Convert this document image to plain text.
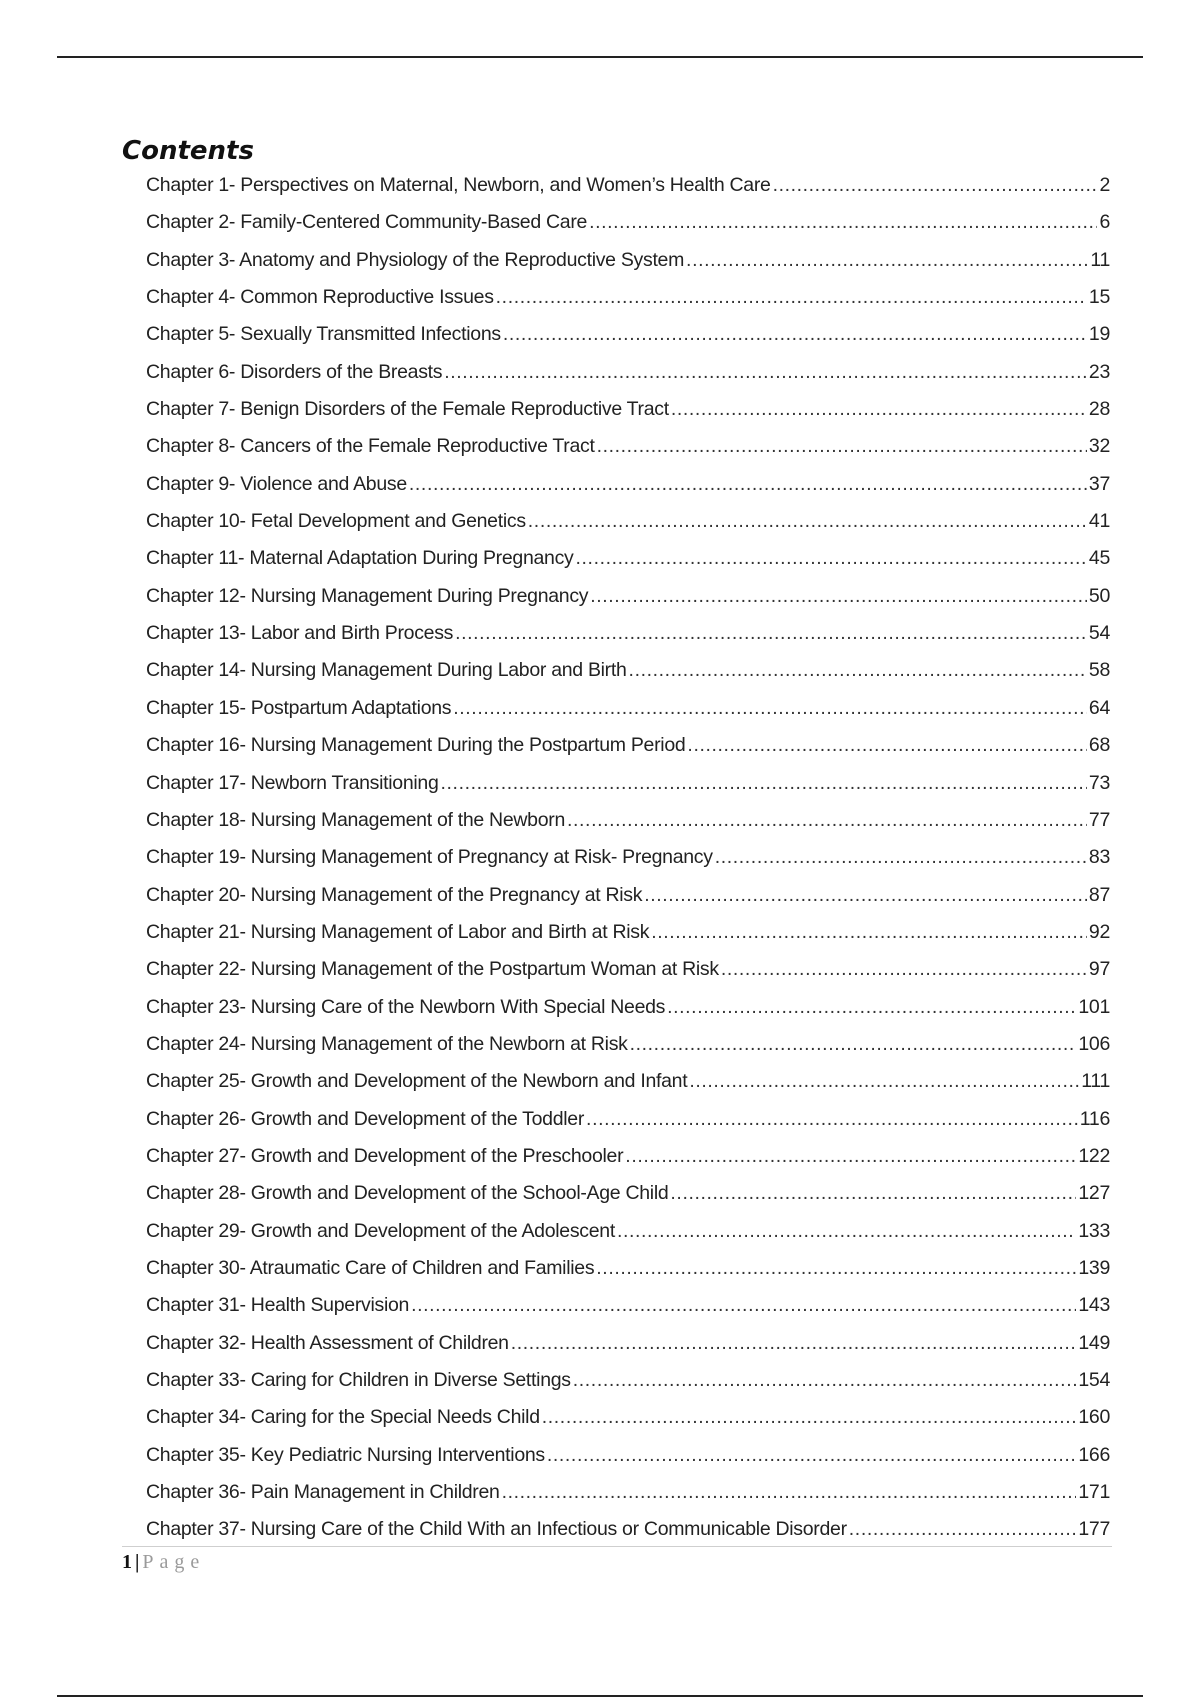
Contents
Chapter 1- Perspectives on Maternal, Newborn, and Women’s Health Care .....	2
Chapter 2- Family-Centered Community-Based Care .....	6
Chapter 3- Anatomy and Physiology of the Reproductive System .....	11
Chapter 4- Common Reproductive Issues .....	15
Chapter 5- Sexually Transmitted Infections .....	19
Chapter 6- Disorders of the Breasts .....	23
Chapter 7- Benign Disorders of the Female Reproductive Tract .....	28
Chapter 8- Cancers of the Female Reproductive Tract .....	32
Chapter 9- Violence and Abuse .....	37
Chapter 10- Fetal Development and Genetics .....	41
Chapter 11- Maternal Adaptation During Pregnancy .....	45
Chapter 12- Nursing Management During Pregnancy .....	50
Chapter 13- Labor and Birth Process .....	54
Chapter 14- Nursing Management During Labor and Birth .....	58
Chapter 15- Postpartum Adaptations .....	64
Chapter 16- Nursing Management During the Postpartum Period .....	68
Chapter 17- Newborn Transitioning .....	73
Chapter 18- Nursing Management of the Newborn .....	77
Chapter 19- Nursing Management of Pregnancy at Risk- Pregnancy .....	83
Chapter 20- Nursing Management of the Pregnancy at Risk .....	87
Chapter 21- Nursing Management of Labor and Birth at Risk .....	92
Chapter 22- Nursing Management of the Postpartum Woman at Risk .....	97
Chapter 23- Nursing Care of the Newborn With Special Needs .....	101
Chapter 24- Nursing Management of the Newborn at Risk .....	106
Chapter 25- Growth and Development of the Newborn and Infant .....	111
Chapter 26- Growth and Development of the Toddler .....	116
Chapter 27- Growth and Development of the Preschooler .....	122
Chapter 28- Growth and Development of the School-Age Child .....	127
Chapter 29- Growth and Development of the Adolescent .....	133
Chapter 30- Atraumatic Care of Children and Families .....	139
Chapter 31- Health Supervision .....	143
Chapter 32- Health Assessment of Children .....	149
Chapter 33- Caring for Children in Diverse Settings .....	154
Chapter 34- Caring for the Special Needs Child .....	160
Chapter 35- Key Pediatric Nursing Interventions .....	166
Chapter 36- Pain Management in Children .....	171
Chapter 37- Nursing Care of the Child With an Infectious or Communicable Disorder .....	177
1 | Page
